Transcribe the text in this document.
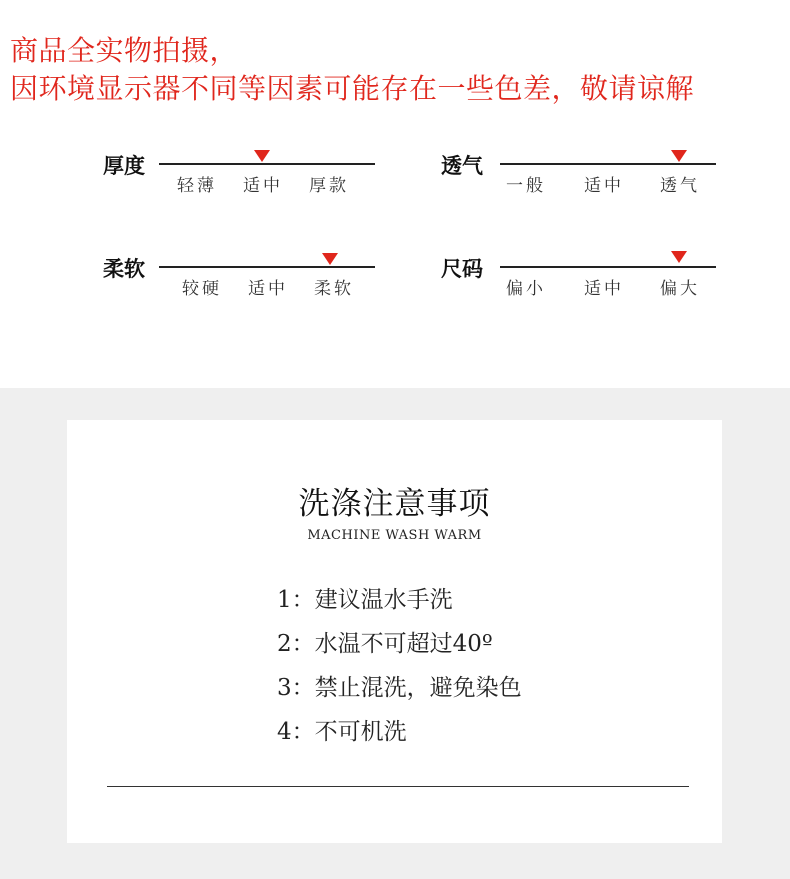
商品全实物拍摄，
因环境显示器不同等因素可能存在一些色差，敬请谅解
厚度
轻薄 适中 厚款
透气
一般 适中 透气
柔软
较硬 适中 柔软
尺码
偏小 适中 偏大
洗涤注意事项
MACHINE WASH WARM
1：建议温水手洗
2：水温不可超过40º
3：禁止混洗，避免染色
4：不可机洗
